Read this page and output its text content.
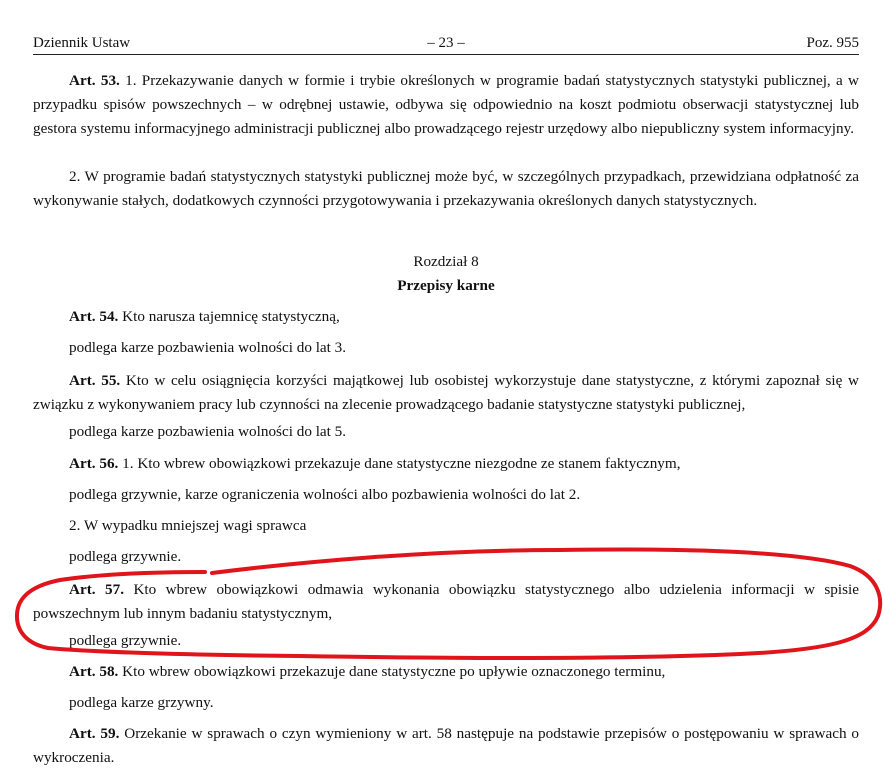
Dziennik Ustaw	– 23 –	Poz. 955

Art. 53. 1. Przekazywanie danych w formie i trybie określonych w programie badań statystycznych statystyki publicznej, a w przypadku spisów powszechnych – w odrębnej ustawie, odbywa się odpowiednio na koszt podmiotu obserwacji statystycznej lub gestora systemu informacyjnego administracji publicznej albo prowadzącego rejestr urzędowy albo niepubliczny system informacyjny.

2. W programie badań statystycznych statystyki publicznej może być, w szczególnych przypadkach, przewidziana odpłatność za wykonywanie stałych, dodatkowych czynności przygotowywania i przekazywania określonych danych statystycznych.

Rozdział 8

Przepisy karne

Art. 54. Kto narusza tajemnicę statystyczną,

podlega karze pozbawienia wolności do lat 3.

Art. 55. Kto w celu osiągnięcia korzyści majątkowej lub osobistej wykorzystuje dane statystyczne, z którymi zapoznał się w związku z wykonywaniem pracy lub czynności na zlecenie prowadzącego badanie statystyczne statystyki publicznej,

podlega karze pozbawienia wolności do lat 5.

Art. 56. 1. Kto wbrew obowiązkowi przekazuje dane statystyczne niezgodne ze stanem faktycznym,

podlega grzywnie, karze ograniczenia wolności albo pozbawienia wolności do lat 2.

2. W wypadku mniejszej wagi sprawca

podlega grzywnie.

Art. 57. Kto wbrew obowiązkowi odmawia wykonania obowiązku statystycznego albo udzielenia informacji w spisie powszechnym lub innym badaniu statystycznym,

podlega grzywnie.

Art. 58. Kto wbrew obowiązkowi przekazuje dane statystyczne po upływie oznaczonego terminu,

podlega karze grzywny.

Art. 59. Orzekanie w sprawach o czyn wymieniony w art. 58 następuje na podstawie przepisów o postępowaniu w sprawach o wykroczenia.
